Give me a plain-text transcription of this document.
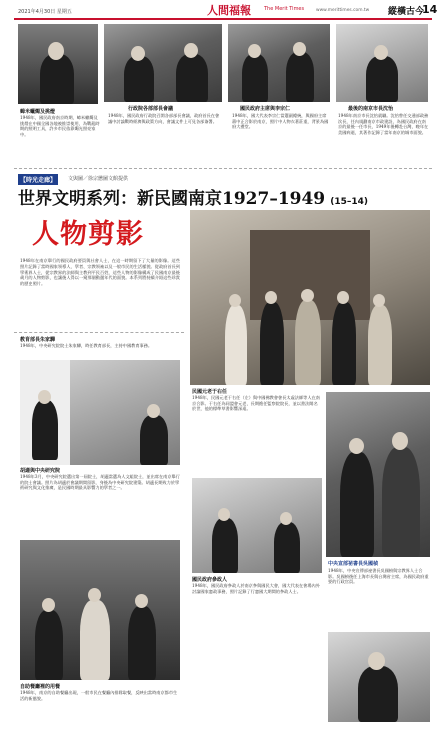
2021年4月30日 星期五	人間福報	The Merit Times	www.merittimes.com.tw 縱橫古今
14
蟑米蠟燭及挑燈
1948年，國民政府南京時期，蟑米蠟燭及挑燈在中國全國各地被推崇使用，為戰亂時期的照明工具，許多市民依靠燭光照亮家中。
行政院各部部長會議
1948年，國民政府行政院召開各部部長會議，政府首長在會議中討論戰時經濟與政策方向，會議文件上可見各部簽署。
國民政府主席與李宗仁
1948年，國大代表李宗仁當選副總統，與國府主席蔣中正合影於南京，照片中人物衣著莊重，背景為國府大禮堂。
最後的南京市長沈怡
1948年南京市長沈怡就職。沈怡曾任交通部政務次長，任內規劃南京市政建設，為國民政府在南京的最後一任市長，1949年後轉赴台灣，晚年在美國病逝，其著作記錄了當年南京的城市面貌。
【時光走廊】	文與圖／徐宗懋圖文館提供
世界文明系列：新民國南京1927–1949 (15–14)
人物剪影
1948年在南京舉行的國民政府要員與社會人士，在這一時期留下了大量的影像。這些照片記錄了當時國家領導人、學者、宗教領袖以及一般市民的生活樣貌。從政府首長到學術界人士，從宗教界的法師與主教到平民百姓，這些人物的影像構成了民國南京最後歲月的人物剪影，也讓後人得以一窺那個動盪年代的面貌。本系列將持續介紹這些珍貴的歷史照片。
教育部長朱家驊
1948年，中央研究院院士朱家驊，時任教育部長，主持中國教育事務。
胡適與中央研究院
1948年3月，中央研究院選出第一屆院士，胡適當選為人文組院士，並出席在南京舉行的院士會議。照片為胡適於會議期間留影，身後為中央研究院建築。胡適長期致力於學術研究與文化推廣，是民國時期最具影響力的學者之一。
民國元老于右任
1948年，民國元老于右任（左）與中國佛教會會長太虛法師等人在南京合影。于右任為同盟會元老，長期擔任監察院院長，並以書法聞名於世，他的標準草書影響深遠。
中央宣部祕書長吳國楨
1948年，中央宣傳部祕書長吳國楨與宗教界人士合影。吳國楨後任上海市長與台灣省主席，為國民政府重要的行政官員。
國民政府參政人
1948年，國民政府參政人於南京參與國民大會，國大代表在會場內外討論國家憲政事務，照片記錄了行憲國大期間的參政人士。
自助餐廳裡的用餐
1948年，南京的自助餐廳出現，一般市民在餐廳內排隊取餐，反映出當時南京都市生活的新風貌。
